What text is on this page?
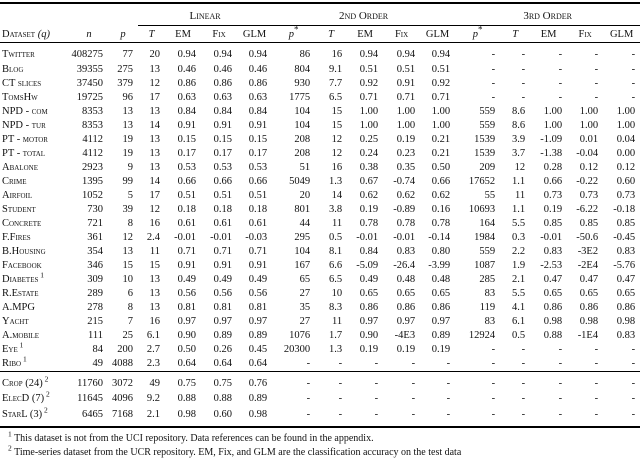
			Linear				2nd Order					3rd Order				
Dataset (q)	n	p	T	EM	Fix	GLM	p*	T	EM	Fix	GLM	p*	T	EM	Fix	GLM
Twitter	408275	77	20	0.94	0.94	0.94	86	16	0.94	0.94	0.94	-	-	-	-	-
Blog	39355	275	13	0.46	0.46	0.46	804	9.1	0.51	0.51	0.51	-	-	-	-	-
CT slices	37450	379	12	0.86	0.86	0.86	930	7.7	0.92	0.91	0.92	-	-	-	-	-
TomsHw	19725	96	17	0.63	0.63	0.63	1775	6.5	0.71	0.71	0.71	-	-	-	-	-
NPD - com	8353	13	13	0.84	0.84	0.84	104	15	1.00	1.00	1.00	559	8.6	1.00	1.00	1.00
NPD - tur	8353	13	14	0.91	0.91	0.91	104	15	1.00	1.00	1.00	559	8.6	1.00	1.00	1.00
PT - motor	4112	19	13	0.15	0.15	0.15	208	12	0.25	0.19	0.21	1539	3.9	-1.09	0.01	0.04
PT - total	4112	19	13	0.17	0.17	0.17	208	12	0.24	0.23	0.21	1539	3.7	-1.38	-0.04	0.00
Abalone	2923	9	13	0.53	0.53	0.53	51	16	0.38	0.35	0.50	209	12	0.28	0.12	0.12
Crime	1395	99	14	0.66	0.66	0.66	5049	1.3	0.67	-0.74	0.66	17652	1.1	0.66	-0.22	0.60
Airfoil	1052	5	17	0.51	0.51	0.51	20	14	0.62	0.62	0.62	55	11	0.73	0.73	0.73
Student	730	39	12	0.18	0.18	0.18	801	3.8	0.19	-0.89	0.16	10693	1.1	0.19	-6.22	-0.18
Concrete	721	8	16	0.61	0.61	0.61	44	11	0.78	0.78	0.78	164	5.5	0.85	0.85	0.85
F.Fires	361	12	2.4	-0.01	-0.01	-0.03	295	0.5	-0.01	-0.01	-0.14	1984	0.3	-0.01	-50.6	-0.45
B.Housing	354	13	11	0.71	0.71	0.71	104	8.1	0.84	0.83	0.80	559	2.2	0.83	-3E2	0.83
Facebook	346	15	15	0.91	0.91	0.91	167	6.6	-5.09	-26.4	-3.99	1087	1.9	-2.53	-2E4	-5.76
Diabetes $^1$	309	10	13	0.49	0.49	0.49	65	6.5	0.49	0.48	0.48	285	2.1	0.47	0.47	0.47
R.Estate	289	6	13	0.56	0.56	0.56	27	10	0.65	0.65	0.65	83	5.5	0.65	0.65	0.65
A.MPG	278	8	13	0.81	0.81	0.81	35	8.3	0.86	0.86	0.86	119	4.1	0.86	0.86	0.86
Yacht	215	7	16	0.97	0.97	0.97	27	11	0.97	0.97	0.97	83	6.1	0.98	0.98	0.98
A.mobile	111	25	6.1	0.90	0.89	0.89	1076	1.7	0.90	-4E3	0.89	12924	0.5	0.88	-1E4	0.83
Eye $^1$	84	200	2.7	0.50	0.26	0.45	20300	1.3	0.19	0.19	0.19	-	-	-	-	-
Ribo $^1$	49	4088	2.3	0.64	0.64	0.64	-	-	-	-	-	-	-	-	-	-
Crop (24) $^2$	11760	3072	49	0.75	0.75	0.76	-	-	-	-	-	-	-	-	-	-
ElecD (7) $^2$	11645	4096	9.2	0.88	0.88	0.89	-	-	-	-	-	-	-	-	-	-
StarL (3) $^2$	6465	7168	2.1	0.98	0.60	0.98	-	-	-	-	-	-	-	-	-	-
$^1$ This dataset is not from the UCI repository. Data references can be found in the appendix.
$^2$ Time-series dataset from the UCR repository. EM, Fix, and GLM are the classification accuracy on the test data
